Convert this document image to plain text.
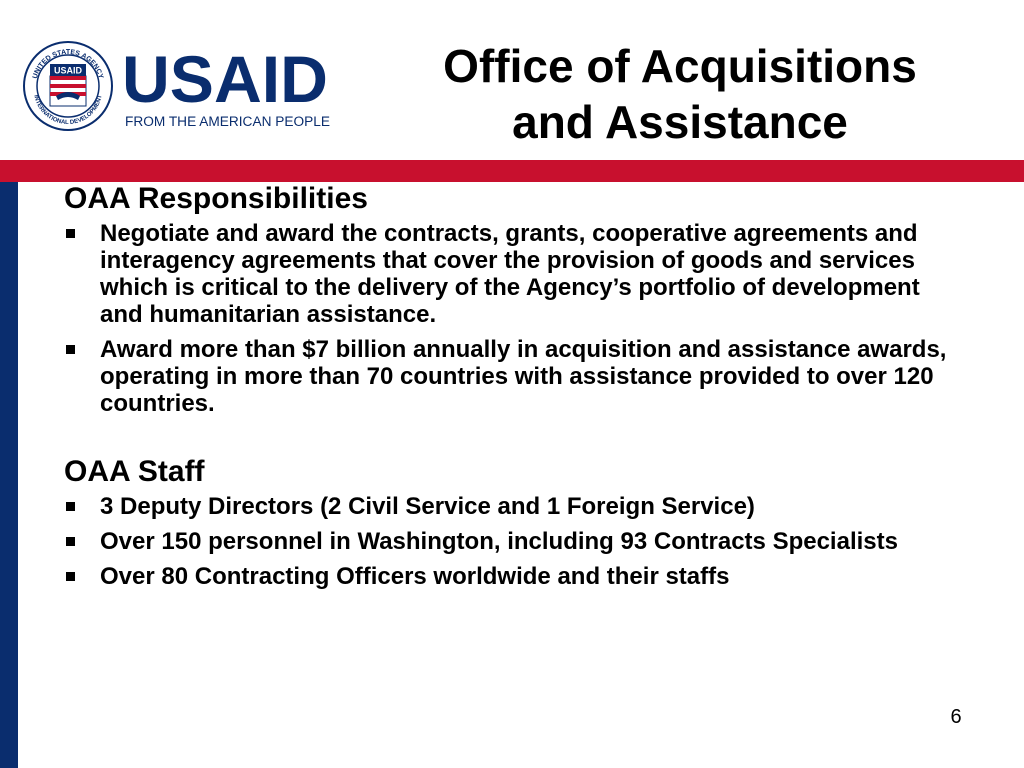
UNITED STATES AGENCY
INTERNATIONAL DEVELOPMENT
USAID USAID
FROM THE AMERICAN PEOPLE
Office of Acquisitions
and Assistance
OAA Responsibilities
Negotiate and award the contracts, grants, cooperative agreements and interagency agreements that cover the provision of goods and services which is critical to the delivery of the Agency’s portfolio of development and humanitarian assistance.
Award more than $7 billion annually in acquisition and assistance awards, operating in more than 70 countries with assistance provided to over 120 countries.
OAA Staff
3 Deputy Directors (2 Civil Service and 1 Foreign Service)
Over 150 personnel in Washington, including 93 Contracts Specialists
Over 80 Contracting Officers worldwide and their staffs
6
